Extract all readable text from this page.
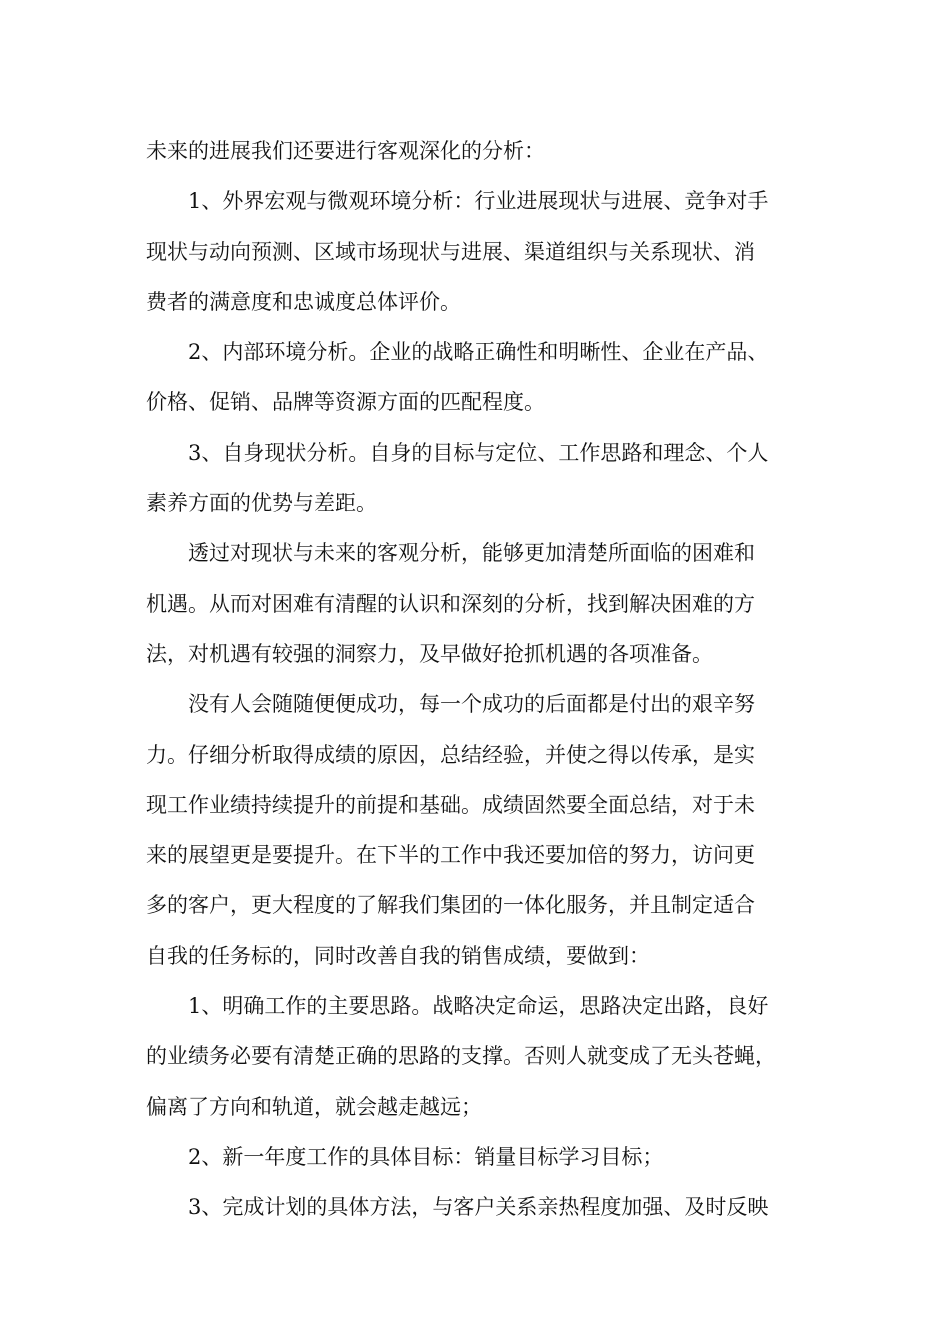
未来的进展我们还要进行客观深化的分析：
1、外界宏观与微观环境分析：行业进展现状与进展、竞争对手
现状与动向预测、区域市场现状与进展、渠道组织与关系现状、消
费者的满意度和忠诚度总体评价。
2、内部环境分析。企业的战略正确性和明晰性、企业在产品、
价格、促销、品牌等资源方面的匹配程度。
3、自身现状分析。自身的目标与定位、工作思路和理念、个人
素养方面的优势与差距。
透过对现状与未来的客观分析，能够更加清楚所面临的困难和
机遇。从而对困难有清醒的认识和深刻的分析，找到解决困难的方
法，对机遇有较强的洞察力，及早做好抢抓机遇的各项准备。
没有人会随随便便成功，每一个成功的后面都是付出的艰辛努
力。仔细分析取得成绩的原因，总结经验，并使之得以传承，是实
现工作业绩持续提升的前提和基础。成绩固然要全面总结，对于未
来的展望更是要提升。在下半的工作中我还要加倍的努力，访问更
多的客户，更大程度的了解我们集团的一体化服务，并且制定适合
自我的任务标的，同时改善自我的销售成绩，要做到：
1、明确工作的主要思路。战略决定命运，思路决定出路，良好
的业绩务必要有清楚正确的思路的支撑。否则人就变成了无头苍蝇，
偏离了方向和轨道，就会越走越远；
2、新一年度工作的具体目标：销量目标学习目标；
3、完成计划的具体方法，与客户关系亲热程度加强、及时反映
